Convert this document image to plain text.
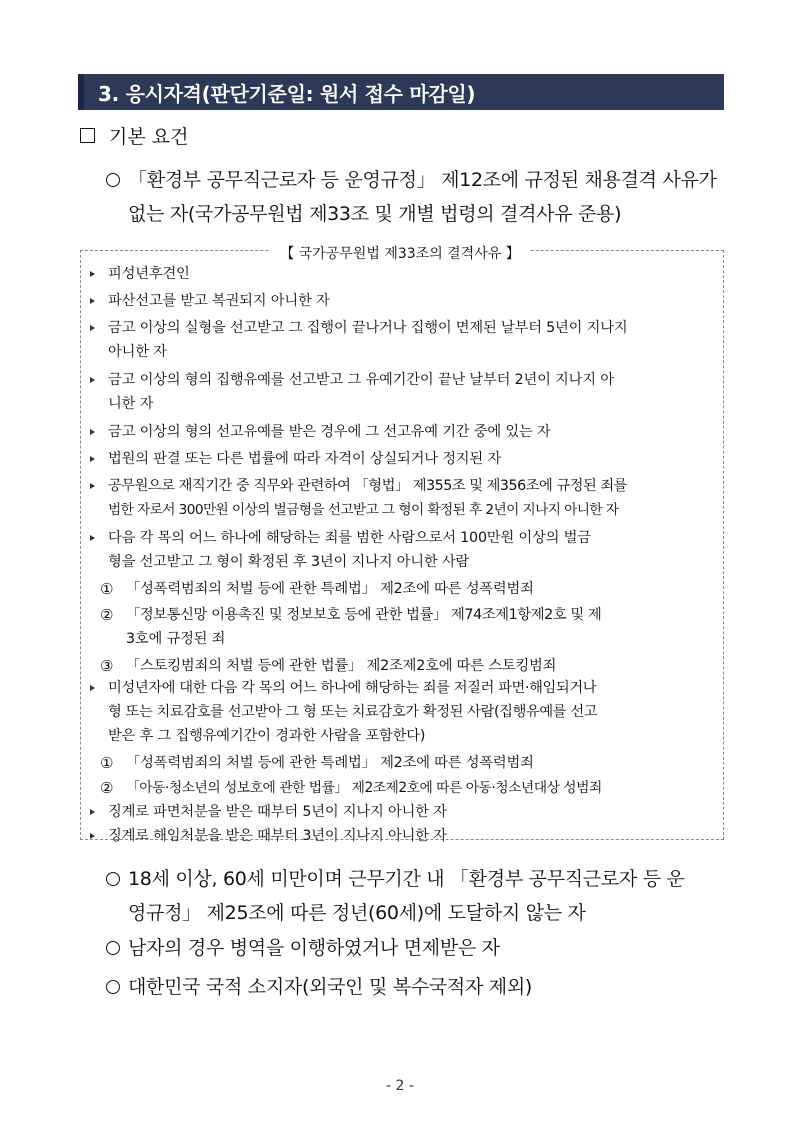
3. 응시자격(판단기준일: 원서 접수 마감일)
기본 요건
「환경부 공무직근로자 등 운영규정」 제12조에 규정된 채용결격 사유가
없는 자(국가공무원법 제33조 및 개별 법령의 결격사유 준용)
【 국가공무원법 제33조의 결격사유 】
피성년후견인
파산선고를 받고 복권되지 아니한 자
금고 이상의 실형을 선고받고 그 집행이 끝나거나 집행이 면제된 날부터 5년이 지나지
아니한 자
금고 이상의 형의 집행유예를 선고받고 그 유예기간이 끝난 날부터 2년이 지나지 아
니한 자
금고 이상의 형의 선고유예를 받은 경우에 그 선고유예 기간 중에 있는 자
법원의 판결 또는 다른 법률에 따라 자격이 상실되거나 정지된 자
공무원으로 재직기간 중 직무와 관련하여 「형법」 제355조 및 제356조에 규정된 죄를
범한 자로서 300만원 이상의 벌금형을 선고받고 그 형이 확정된 후 2년이 지나지 아니한 자
다음 각 목의 어느 하나에 해당하는 죄를 범한 사람으로서 100만원 이상의 벌금
형을 선고받고 그 형이 확정된 후 3년이 지나지 아니한 사람
① 「성폭력범죄의 처벌 등에 관한 특례법」 제2조에 따른 성폭력범죄
② 「정보통신망 이용촉진 및 정보보호 등에 관한 법률」 제74조제1항제2호 및 제
3호에 규정된 죄
③ 「스토킹범죄의 처벌 등에 관한 법률」 제2조제2호에 따른 스토킹범죄
미성년자에 대한 다음 각 목의 어느 하나에 해당하는 죄를 저질러 파면·해임되거나
형 또는 치료감호를 선고받아 그 형 또는 치료감호가 확정된 사람(집행유예를 선고
받은 후 그 집행유예기간이 경과한 사람을 포함한다)
① 「성폭력범죄의 처벌 등에 관한 특례법」 제2조에 따른 성폭력범죄
② 「아동·청소년의 성보호에 관한 법률」 제2조제2호에 따른 아동·청소년대상 성범죄
징계로 파면처분을 받은 때부터 5년이 지나지 아니한 자
징계로 해임처분을 받은 때부터 3년이 지나지 아니한 자
18세 이상, 60세 미만이며 근무기간 내 「환경부 공무직근로자 등 운
영규정」 제25조에 따른 정년(60세)에 도달하지 않는 자
남자의 경우 병역을 이행하였거나 면제받은 자
대한민국 국적 소지자(외국인 및 복수국적자 제외)
- 2 -
